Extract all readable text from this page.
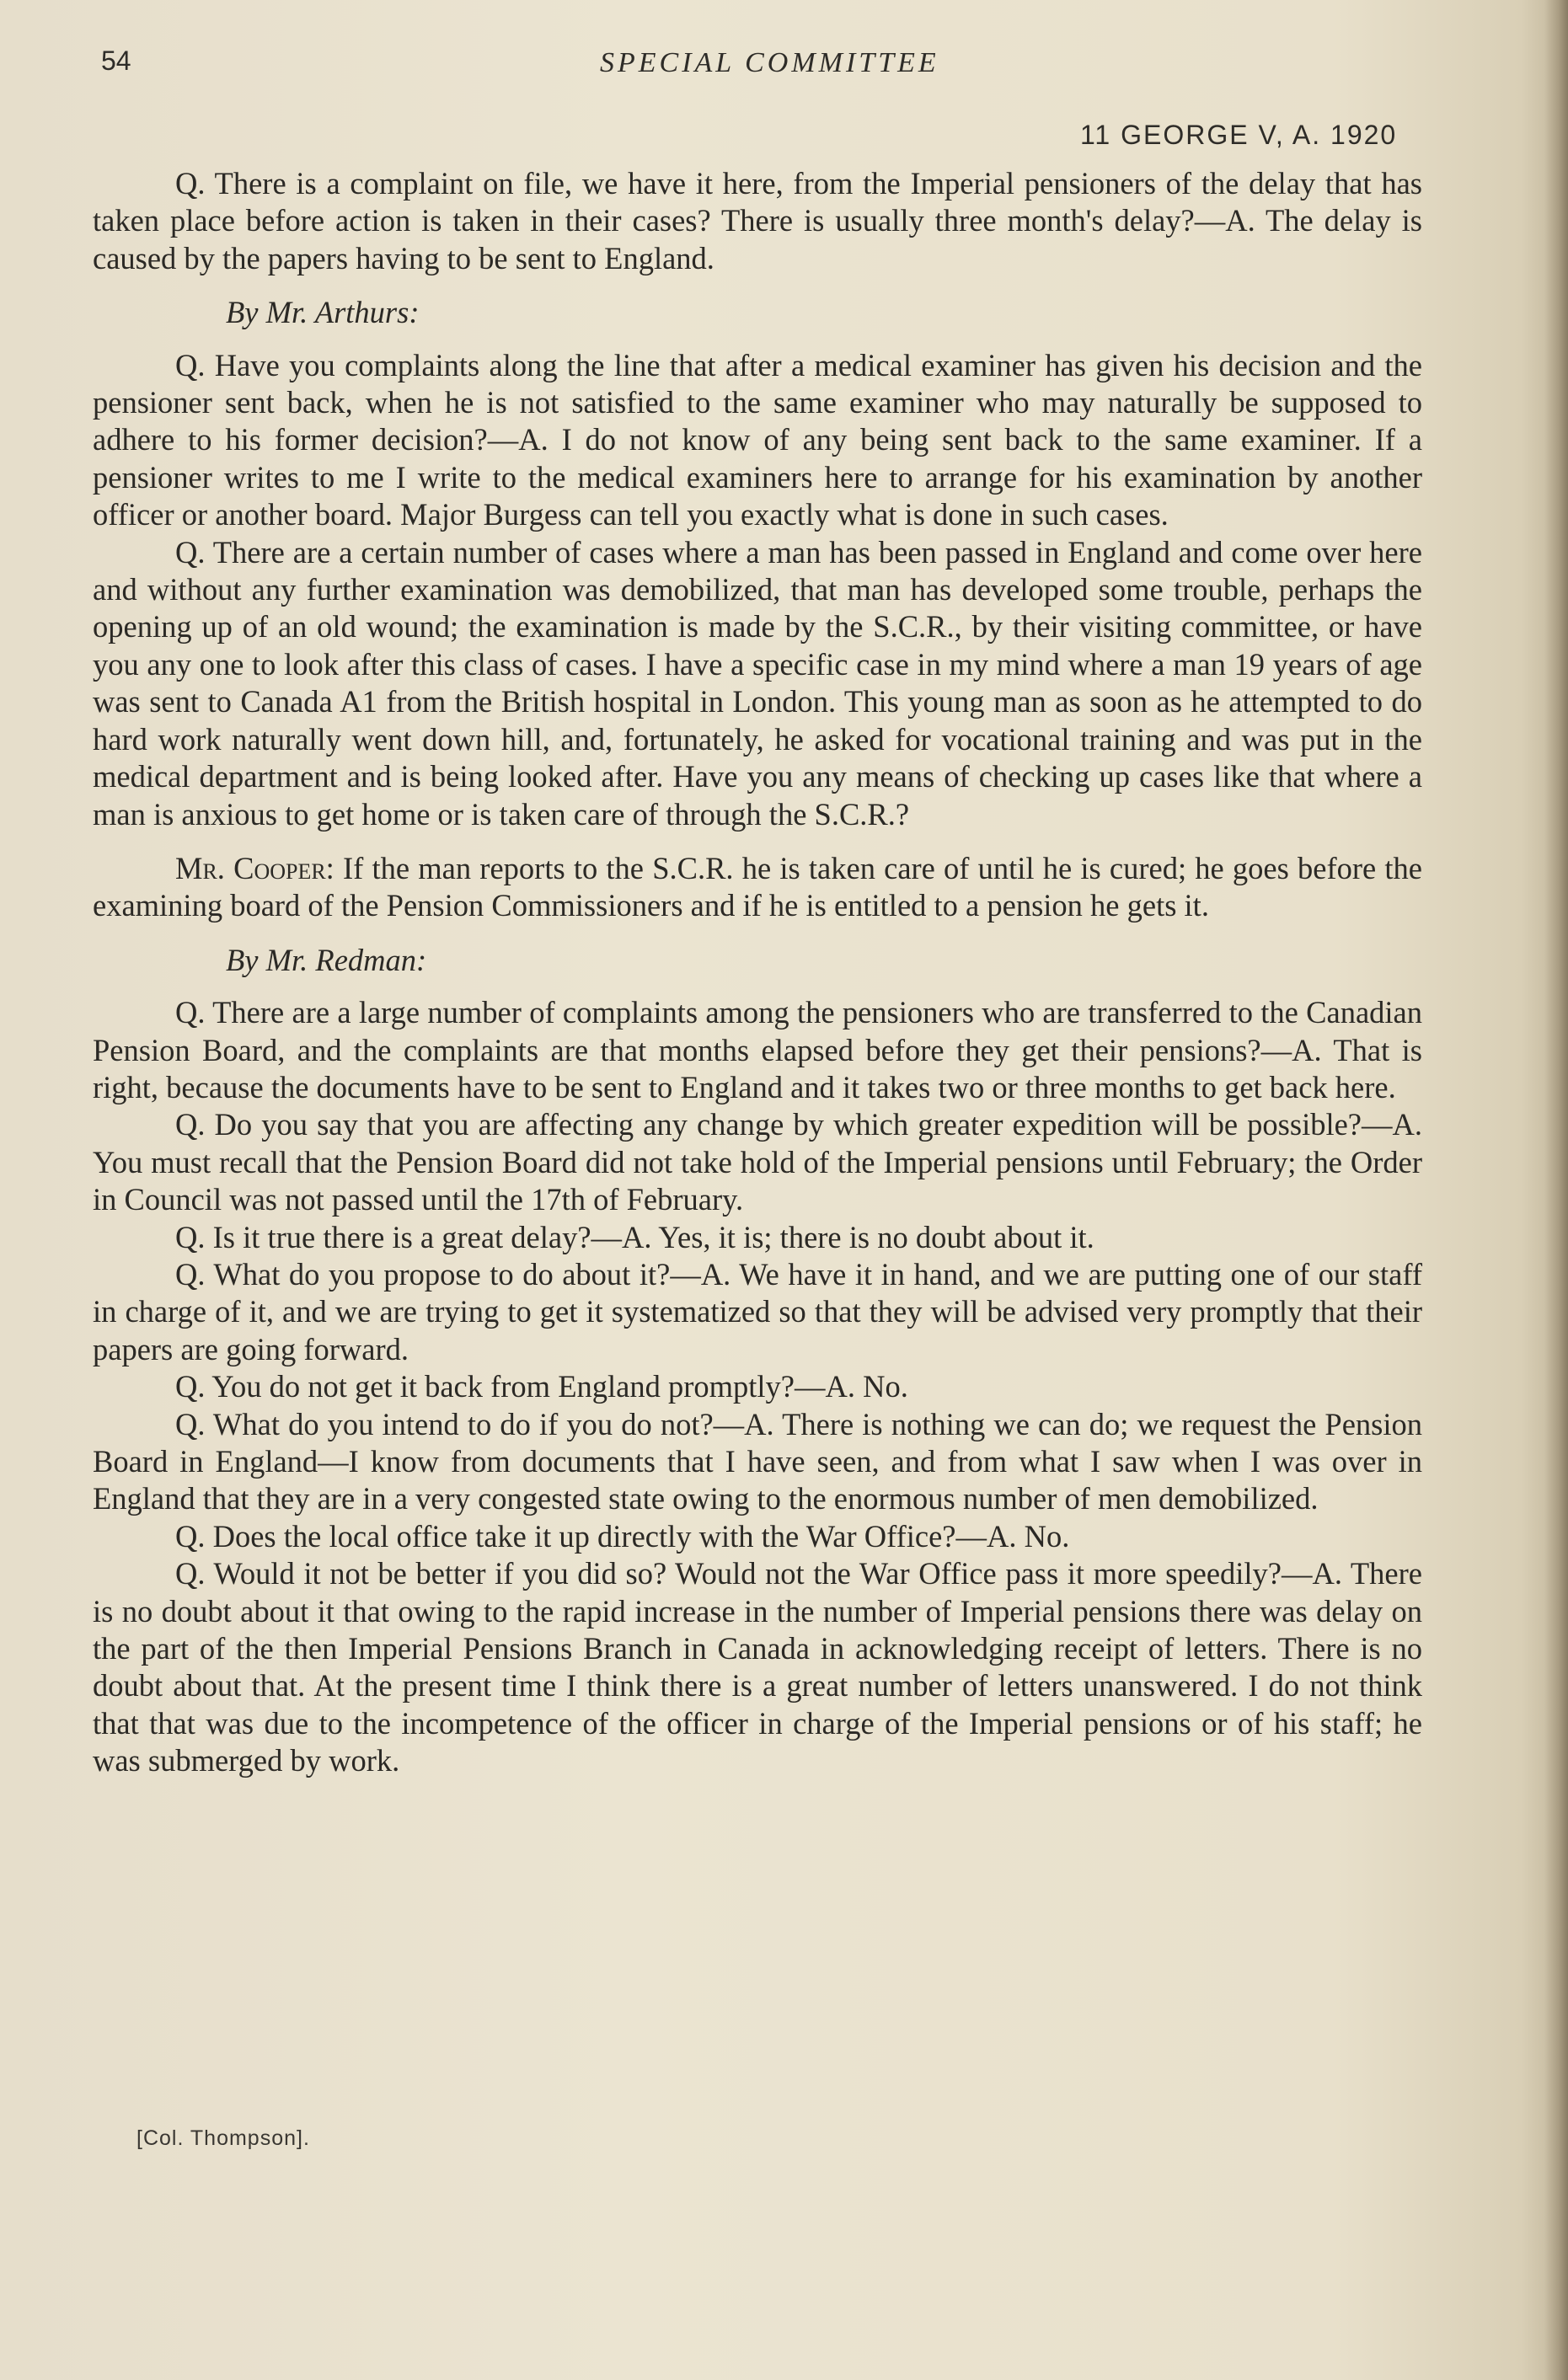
54	SPECIAL COMMITTEE
11 GEORGE V, A. 1920

Q. There is a complaint on file, we have it here, from the Imperial pensioners of the delay that has taken place before action is taken in their cases? There is usually three month's delay?—A. The delay is caused by the papers having to be sent to England.

By Mr. Arthurs:

Q. Have you complaints along the line that after a medical examiner has given his decision and the pensioner sent back, when he is not satisfied to the same examiner who may naturally be supposed to adhere to his former decision?—A. I do not know of any being sent back to the same examiner. If a pensioner writes to me I write to the medical examiners here to arrange for his examination by another officer or another board. Major Burgess can tell you exactly what is done in such cases.

Q. There are a certain number of cases where a man has been passed in England and come over here and without any further examination was demobilized, that man has developed some trouble, perhaps the opening up of an old wound; the examination is made by the S.C.R., by their visiting committee, or have you any one to look after this class of cases. I have a specific case in my mind where a man 19 years of age was sent to Canada A1 from the British hospital in London. This young man as soon as he attempted to do hard work naturally went down hill, and, fortunately, he asked for vocational training and was put in the medical department and is being looked after. Have you any means of checking up cases like that where a man is anxious to get home or is taken care of through the S.C.R.?

Mr. Cooper: If the man reports to the S.C.R. he is taken care of until he is cured; he goes before the examining board of the Pension Commissioners and if he is entitled to a pension he gets it.

By Mr. Redman:

Q. There are a large number of complaints among the pensioners who are transferred to the Canadian Pension Board, and the complaints are that months elapsed before they get their pensions?—A. That is right, because the documents have to be sent to England and it takes two or three months to get back here.

Q. Do you say that you are affecting any change by which greater expedition will be possible?—A. You must recall that the Pension Board did not take hold of the Imperial pensions until February; the Order in Council was not passed until the 17th of February.

Q. Is it true there is a great delay?—A. Yes, it is; there is no doubt about it.

Q. What do you propose to do about it?—A. We have it in hand, and we are putting one of our staff in charge of it, and we are trying to get it systematized so that they will be advised very promptly that their papers are going forward.

Q. You do not get it back from England promptly?—A. No.

Q. What do you intend to do if you do not?—A. There is nothing we can do; we request the Pension Board in England—I know from documents that I have seen, and from what I saw when I was over in England that they are in a very congested state owing to the enormous number of men demobilized.

Q. Does the local office take it up directly with the War Office?—A. No.

Q. Would it not be better if you did so? Would not the War Office pass it more speedily?—A. There is no doubt about it that owing to the rapid increase in the number of Imperial pensions there was delay on the part of the then Imperial Pensions Branch in Canada in acknowledging receipt of letters. There is no doubt about that. At the present time I think there is a great number of letters unanswered. I do not think that that was due to the incompetence of the officer in charge of the Imperial pensions or of his staff; he was submerged by work.

[Col. Thompson].
